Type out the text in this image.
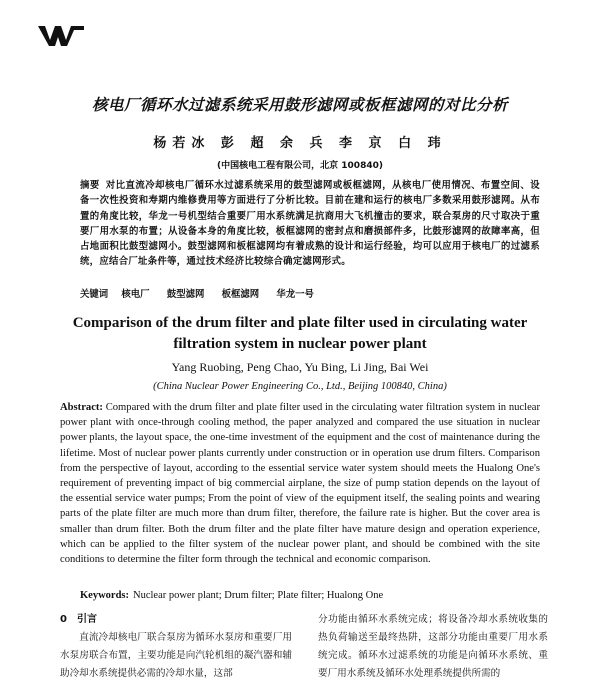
核电厂循环水过滤系统采用鼓形滤网或板框滤网的对比分析
杨若冰 彭 超 余 兵 李 京 白 玮
(中国核电工程有限公司，北京 100840)
摘要 对比直流冷却核电厂循环水过滤系统采用的鼓型滤网或板框滤网，从核电厂使用情况、布置空间、设备一次性投资和寿期内维修费用等方面进行了分析比较。目前在建和运行的核电厂多数采用鼓形滤网。从布置的角度比较，华龙一号机型结合重要厂用水系统满足抗商用大飞机撞击的要求，联合泵房的尺寸取决于重要厂用水泵的布置；从设备本身的角度比较，板框滤网的密封点和磨损部件多，比鼓形滤网的故障率高，但占地面积比鼓型滤网小。鼓型滤网和板框滤网均有着成熟的设计和运行经验，均可以应用于核电厂的过滤系统，应结合厂址条件等，通过技术经济比较综合确定滤网形式。
关键词 核电厂 鼓型滤网 板框滤网 华龙一号
Comparison of the drum filter and plate filter used in circulating water filtration system in nuclear power plant
Yang Ruobing, Peng Chao, Yu Bing, Li Jing, Bai Wei
(China Nuclear Power Engineering Co., Ltd., Beijing 100840, China)
Abstract: Compared with the drum filter and plate filter used in the circulating water filtration system in nuclear power plant with once-through cooling method, the paper analyzed and compared the use situation in nuclear power plants, the layout space, the one-time investment of the equipment and the cost of maintenance during the lifetime. Most of nuclear power plants currently under construction or in operation use drum filters. Comparison from the perspective of layout, according to the essential service water system should meets the Hualong One's requirement of preventing impact of big commercial airplane, the size of pump station depends on the layout of the essential service water pumps; From the point of view of the equipment itself, the sealing points and wearing parts of the plate filter are much more than drum filter, therefore, the failure rate is higher. But the cover area is smaller than drum filter. Both the drum filter and the plate filter have mature design and operation experience, which can be applied to the filter system of the nuclear power plant, and should be combined with the site conditions to determine the filter form through the technical and economic comparison.
Keywords: Nuclear power plant; Drum filter; Plate filter; Hualong One
0 引言
直流冷却核电厂联合泵房为循环水泵房和重要厂用水泵房联合布置，主要功能是向汽轮机组的凝汽器和辅助冷却水系统提供必需的冷却水量，这部
分功能由循环水系统完成；将设备冷却水系统收集的热负荷输送至最终热阱，这部分功能由重要厂用水系统完成。循环水过滤系统的功能是向循环水系统、重要厂用水系统及循环水处理系统提供所需的
